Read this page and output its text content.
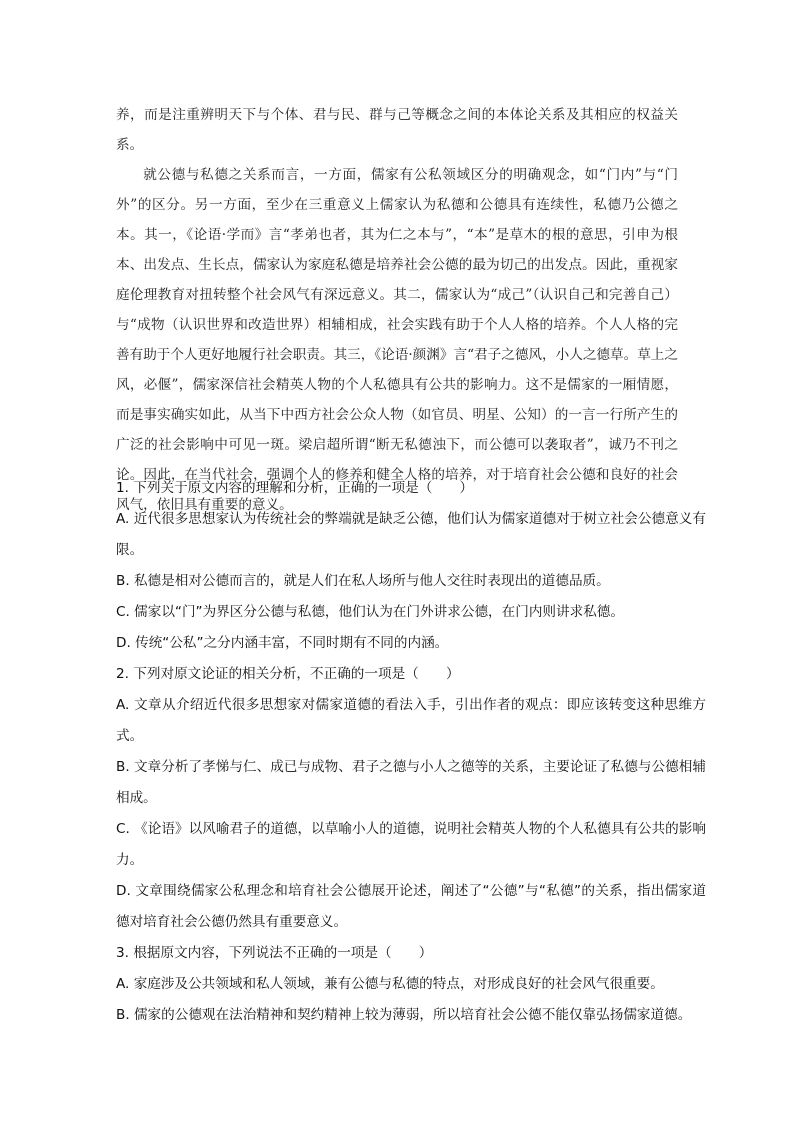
养，而是注重辨明天下与个体、君与民、群与己等概念之间的本体论关系及其相应的权益关系。

就公德与私德之关系而言，一方面，儒家有公私领域区分的明确观念，如“门内”与“门外”的区分。另一方面，至少在三重意义上儒家认为私德和公德具有连续性，私德乃公德之本。其一，《论语·学而》言“孝弟也者，其为仁之本与”，“本”是草木的根的意思，引申为根本、出发点、生长点，儒家认为家庭私德是培养社会公德的最为切己的出发点。因此，重视家庭伦理教育对扭转整个社会风气有深远意义。其二，儒家认为“成己”（认识自己和完善自己）与“成物（认识世界和改造世界）相辅相成，社会实践有助于个人人格的培养。个人人格的完善有助于个人更好地履行社会职责。其三，《论语·颜渊》言“君子之德风，小人之德草。草上之风，必偃”，儒家深信社会精英人物的个人私德具有公共的影响力。这不是儒家的一厢情愿，而是事实确实如此，从当下中西方社会公众人物（如官员、明星、公知）的一言一行所产生的广泛的社会影响中可见一斑。梁启超所谓“断无私德浊下，而公德可以袭取者”，诚乃不刊之论。因此，在当代社会，强调个人的修养和健全人格的培养，对于培育社会公德和良好的社会风气，依旧具有重要的意义。

1. 下列关于原文内容的理解和分析，正确的一项是（　　）

A. 近代很多思想家认为传统社会的弊端就是缺乏公德，他们认为儒家道德对于树立社会公德意义有限。

B. 私德是相对公德而言的，就是人们在私人场所与他人交往时表现出的道德品质。

C. 儒家以“门”为界区分公德与私德，他们认为在门外讲求公德，在门内则讲求私德。

D. 传统“公私”之分内涵丰富，不同时期有不同的内涵。

2. 下列对原文论证的相关分析，不正确的一项是（　　）

A. 文章从介绍近代很多思想家对儒家道德的看法入手，引出作者的观点：即应该转变这种思维方式。

B. 文章分析了孝悌与仁、成已与成物、君子之德与小人之德等的关系，主要论证了私德与公德相辅相成。

C. 《论语》以风喻君子的道德，以草喻小人的道德，说明社会精英人物的个人私德具有公共的影响力。

D. 文章围绕儒家公私理念和培育社会公德展开论述，阐述了“公德”与“私德”的关系，指出儒家道德对培育社会公德仍然具有重要意义。

3. 根据原文内容，下列说法不正确的一项是（　　）

A. 家庭涉及公共领域和私人领域，兼有公德与私德的特点，对形成良好的社会风气很重要。

B. 儒家的公德观在法治精神和契约精神上较为薄弱，所以培育社会公德不能仅靠弘扬儒家道德。
